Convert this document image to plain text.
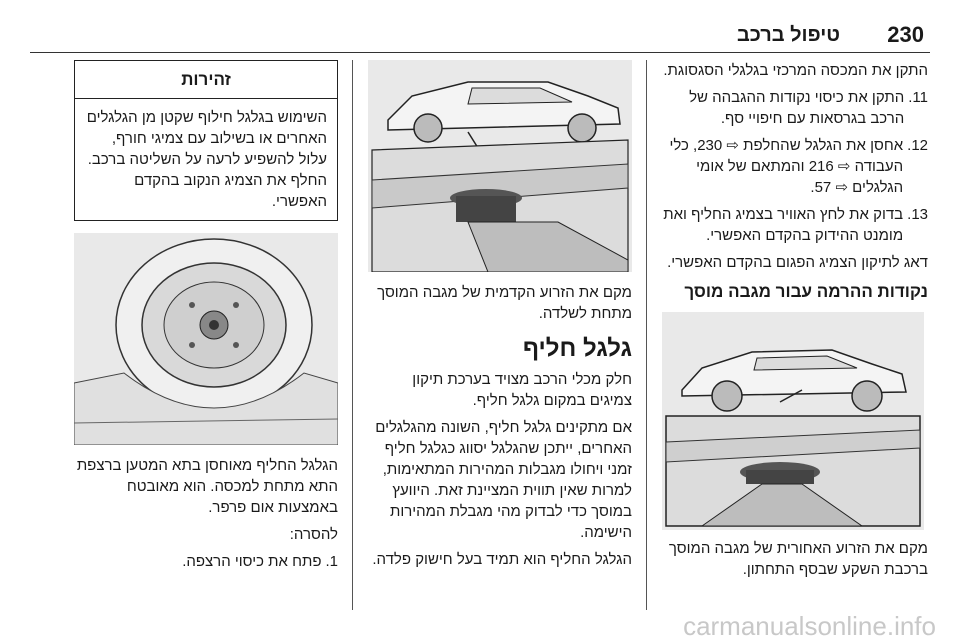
230
טיפול ברכב

התקן את המכסה המרכזי בגלגלי הסגסוגת.

11.
התקן את כיסוי נקודות ההגבהה של הרכב בגרסאות עם חיפויי סף.
12.
אחסן את הגלגל שהחלפת ⇨ 230, כלי העבודה ⇨ 216 והמתאם של אומי הגלגלים ⇨ 57.
13.
בדוק את לחץ האוויר בצמיג החליף ואת מומנט ההידוק בהקדם האפשרי.

דאג לתיקון הצמיג הפגום בהקדם האפשרי.

נקודות ההרמה עבור מגבה מוסך

מקם את הזרוע האחורית של מגבה המוסך ברכבת השקע שבסף התחתון.

מקם את הזרוע הקדמית של מגבה המוסך מתחת לשלדה.

גלגל חליף

חלק מכלי הרכב מצויד בערכת תיקון צמיגים במקום גלגל חליף.

אם מתקינים גלגל חליף, השונה מהגלגלים האחרים, ייתכן שהגלגל יסווג כגלגל חליף זמני ויחולו מגבלות המהירות המתאימות, למרות שאין תווית המציינת זאת. היוועץ במוסך כדי לבדוק מהי מגבלת המהירות הישימה.

הגלגל החליף הוא תמיד בעל חישוק פלדה.

זהירות
השימוש בגלגל חילוף שקטן מן הגלגלים האחרים או בשילוב עם צמיגי חורף, עלול להשפיע לרעה על השליטה ברכב. החלף את הצמיג הנקוב בהקדם האפשרי.

הגלגל החליף מאוחסן בתא המטען ברצפת התא מתחת למכסה. הוא מאובטח באמצעות אום פרפר.

להסרה:

1.
פתח את כיסוי הרצפה.
carmanualsonline.info
